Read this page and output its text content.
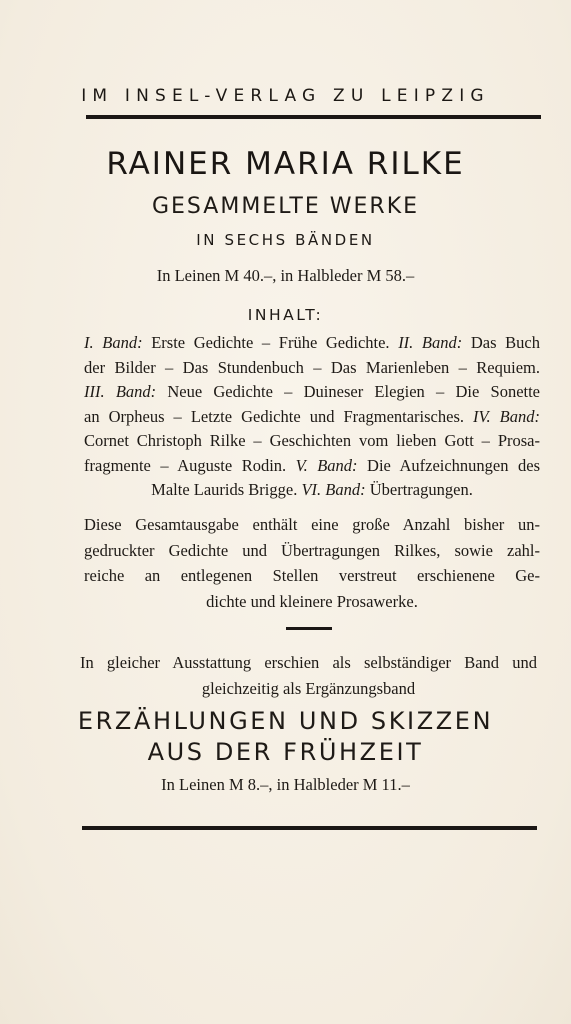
IM INSEL-VERLAG ZU LEIPZIG
RAINER MARIA RILKE
GESAMMELTE WERKE
IN SECHS BÄNDEN
In Leinen M 40.–, in Halbleder M 58.–
INHALT:
I. Band: Erste Gedichte – Frühe Gedichte. II. Band: Das Buch
der Bilder – Das Stundenbuch – Das Marienleben – Requiem.
III. Band: Neue Gedichte – Duineser Elegien – Die Sonette
an Orpheus – Letzte Gedichte und Fragmentarisches. IV. Band:
Cornet Christoph Rilke – Geschichten vom lieben Gott – Prosa-
fragmente – Auguste Rodin. V. Band: Die Aufzeichnungen des
Malte Laurids Brigge. VI. Band: Übertragungen.
Diese Gesamtausgabe enthält eine große Anzahl bisher un-
gedruckter Gedichte und Übertragungen Rilkes, sowie zahl-
reiche an entlegenen Stellen verstreut erschienene Ge-
dichte und kleinere Prosawerke.
In gleicher Ausstattung erschien als selbständiger Band und
gleichzeitig als Ergänzungsband
ERZÄHLUNGEN UND SKIZZEN
AUS DER FRÜHZEIT
In Leinen M 8.–, in Halbleder M 11.–
